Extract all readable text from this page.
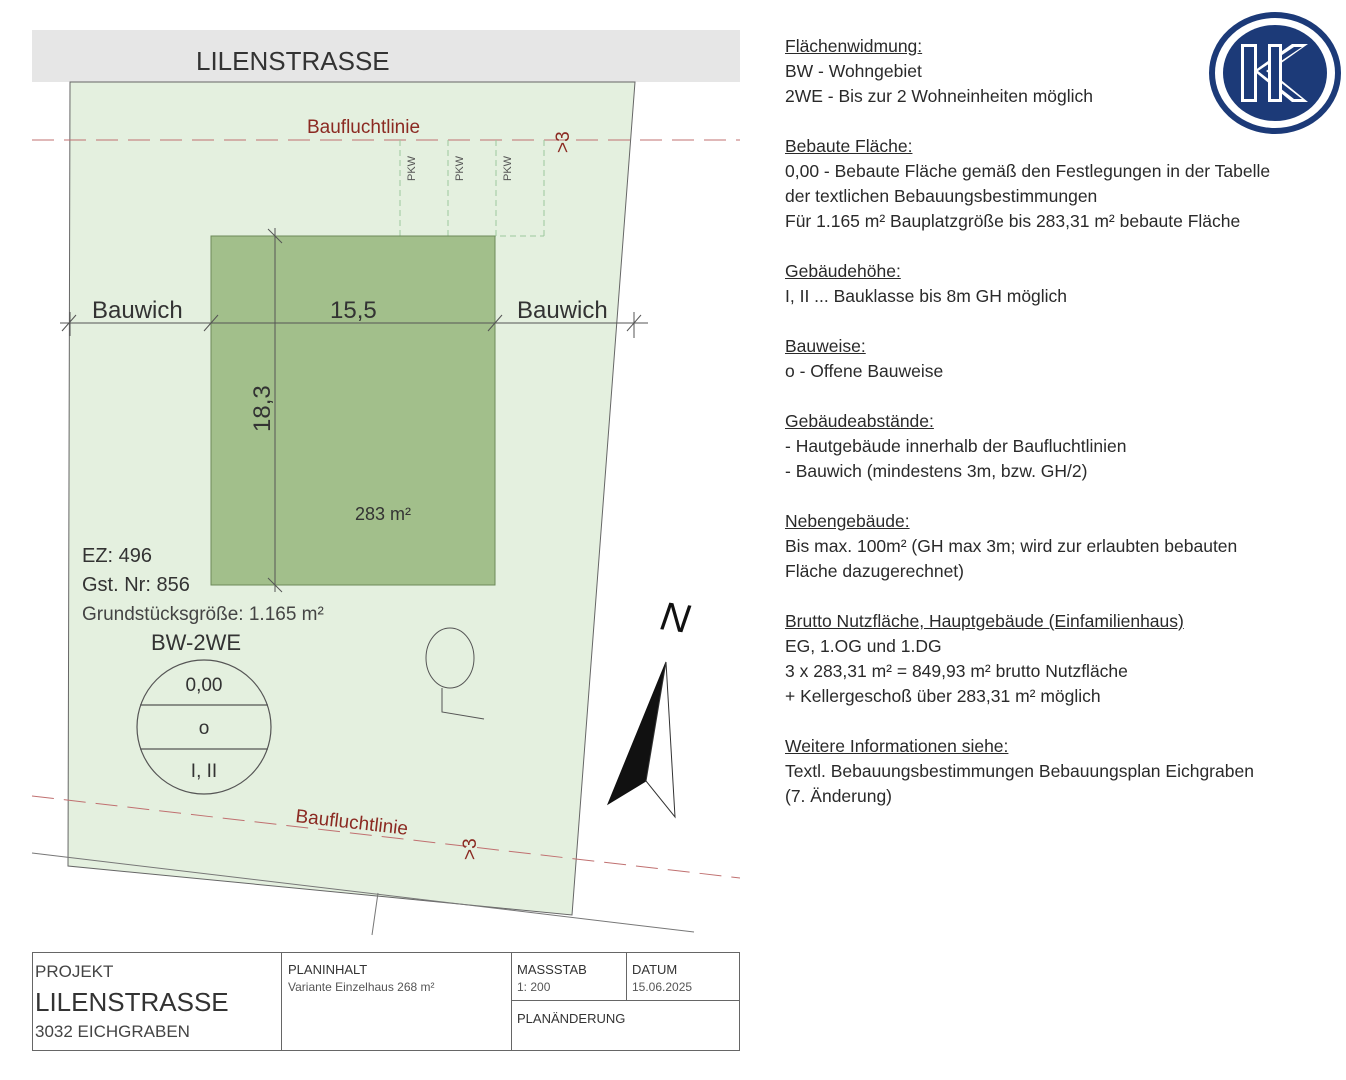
LILENSTRASSE
Baufluchtlinie
>3
Baufluchtlinie
>3
PKW	PKW	PKW
283 m²
Bauwich	15,5	Bauwich
18,3
EZ: 496
Gst. Nr: 856
Grundstücksgröße: 1.165 m²
BW-2WE
0,00
o
I, II
N
Flächenwidmung:
BW - Wohngebiet
2WE - Bis zur 2 Wohneinheiten möglich
Bebaute Fläche:
0,00 - Bebaute Fläche gemäß den Festlegungen in der Tabelle
der textlichen Bebauungsbestimmungen
Für 1.165 m² Bauplatzgröße bis 283,31 m² bebaute Fläche
Gebäudehöhe:
I, II ... Bauklasse bis 8m GH möglich
Bauweise:
o - Offene Bauweise
Gebäudeabstände:
- Hautgebäude innerhalb der Baufluchtlinien
- Bauwich (mindestens 3m, bzw. GH/2)
Nebengebäude:
Bis max. 100m² (GH max 3m; wird zur erlaubten bebauten
Fläche dazugerechnet)
Brutto Nutzfläche, Hauptgebäude (Einfamilienhaus)
EG, 1.OG und 1.DG
3 x 283,31 m² = 849,93 m² brutto Nutzfläche
+ Kellergeschoß über 283,31 m² möglich
Weitere Informationen siehe:
Textl. Bebauungsbestimmungen Bebauungsplan Eichgraben
(7. Änderung)
PROJEKT
LILENSTRASSE
3032 EICHGRABEN
PLANINHALT
Variante Einzelhaus 268 m²
MASSSTAB
1: 200
DATUM
15.06.2025
PLANÄNDERUNG
